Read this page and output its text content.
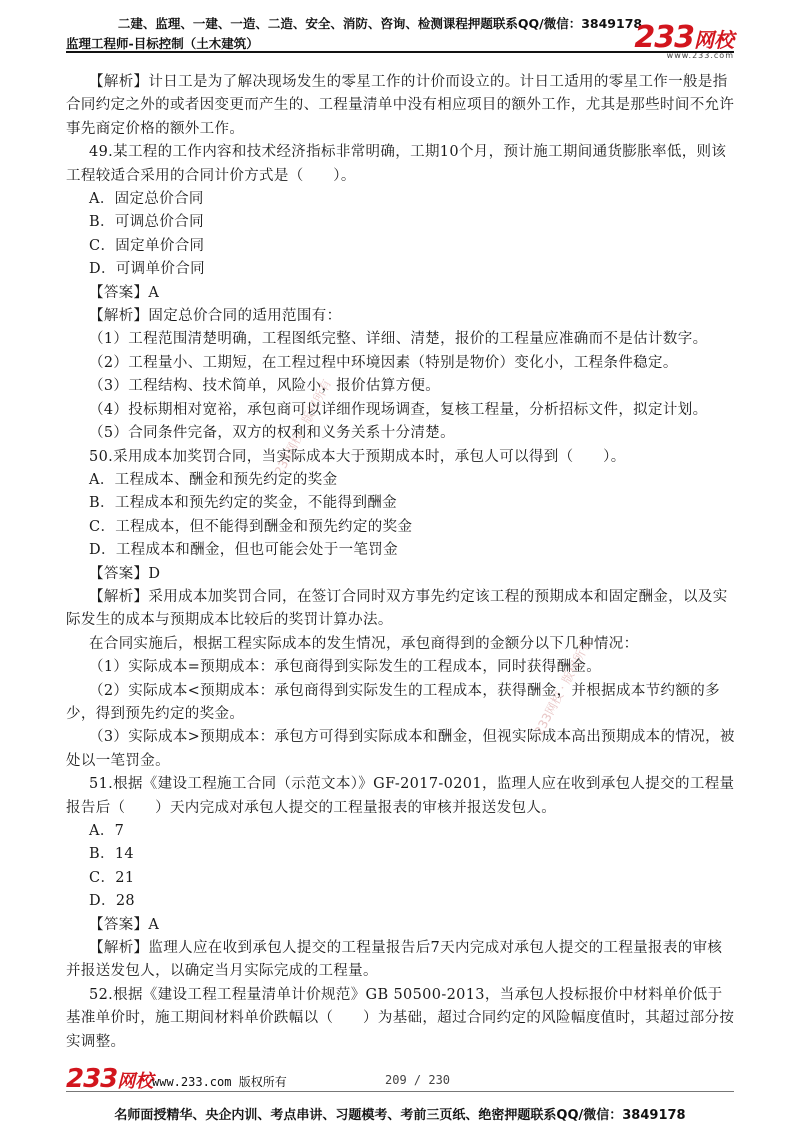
二建、监理、一建、一造、二造、安全、消防、咨询、检测课程押题联系QQ/微信：3849178
监理工程师-目标控制（土木建筑）	233网校
www.233.com
233网校 · 版权所有
233网校 · 版权所有

【解析】计日工是为了解决现场发生的零星工作的计价而设立的。计日工适用的零星工作一般是指合同约定之外的或者因变更而产生的、工程量清单中没有相应项目的额外工作，尤其是那些时间不允许事先商定价格的额外工作。

49.某工程的工作内容和技术经济指标非常明确，工期10个月，预计施工期间通货膨胀率低，则该工程较适合采用的合同计价方式是（　　）。

A．固定总价合同

B．可调总价合同

C．固定单价合同

D．可调单价合同

【答案】A

【解析】固定总价合同的适用范围有：

（1）工程范围清楚明确，工程图纸完整、详细、清楚，报价的工程量应准确而不是估计数字。

（2）工程量小、工期短，在工程过程中环境因素（特别是物价）变化小，工程条件稳定。

（3）工程结构、技术简单，风险小，报价估算方便。

（4）投标期相对宽裕，承包商可以详细作现场调查，复核工程量，分析招标文件，拟定计划。

（5）合同条件完备，双方的权利和义务关系十分清楚。

50.采用成本加奖罚合同，当实际成本大于预期成本时，承包人可以得到（　　）。

A．工程成本、酬金和预先约定的奖金

B．工程成本和预先约定的奖金，不能得到酬金

C．工程成本，但不能得到酬金和预先约定的奖金

D．工程成本和酬金，但也可能会处于一笔罚金

【答案】D

【解析】采用成本加奖罚合同，在签订合同时双方事先约定该工程的预期成本和固定酬金，以及实际发生的成本与预期成本比较后的奖罚计算办法。

在合同实施后，根据工程实际成本的发生情况，承包商得到的金额分以下几种情况：

（1）实际成本=预期成本：承包商得到实际发生的工程成本，同时获得酬金。

（2）实际成本<预期成本：承包商得到实际发生的工程成本，获得酬金，并根据成本节约额的多少，得到预先约定的奖金。

（3）实际成本>预期成本：承包方可得到实际成本和酬金，但视实际成本高出预期成本的情况，被处以一笔罚金。

51.根据《建设工程施工合同（示范文本）》GF-2017-0201，监理人应在收到承包人提交的工程量报告后（　　）天内完成对承包人提交的工程量报表的审核并报送发包人。

A．7

B．14

C．21

D．28

【答案】A

【解析】监理人应在收到承包人提交的工程量报告后7天内完成对承包人提交的工程量报表的审核并报送发包人，以确定当月实际完成的工程量。

52.根据《建设工程工程量清单计价规范》GB 50500-2013，当承包人投标报价中材料单价低于基准单价时，施工期间材料单价跌幅以（　　）为基础，超过合同约定的风险幅度值时，其超过部分按实调整。

233网校
www.233.com 版权所有	209 / 230
名师面授精华、央企内训、考点串讲、习题模考、考前三页纸、绝密押题联系QQ/微信：3849178
